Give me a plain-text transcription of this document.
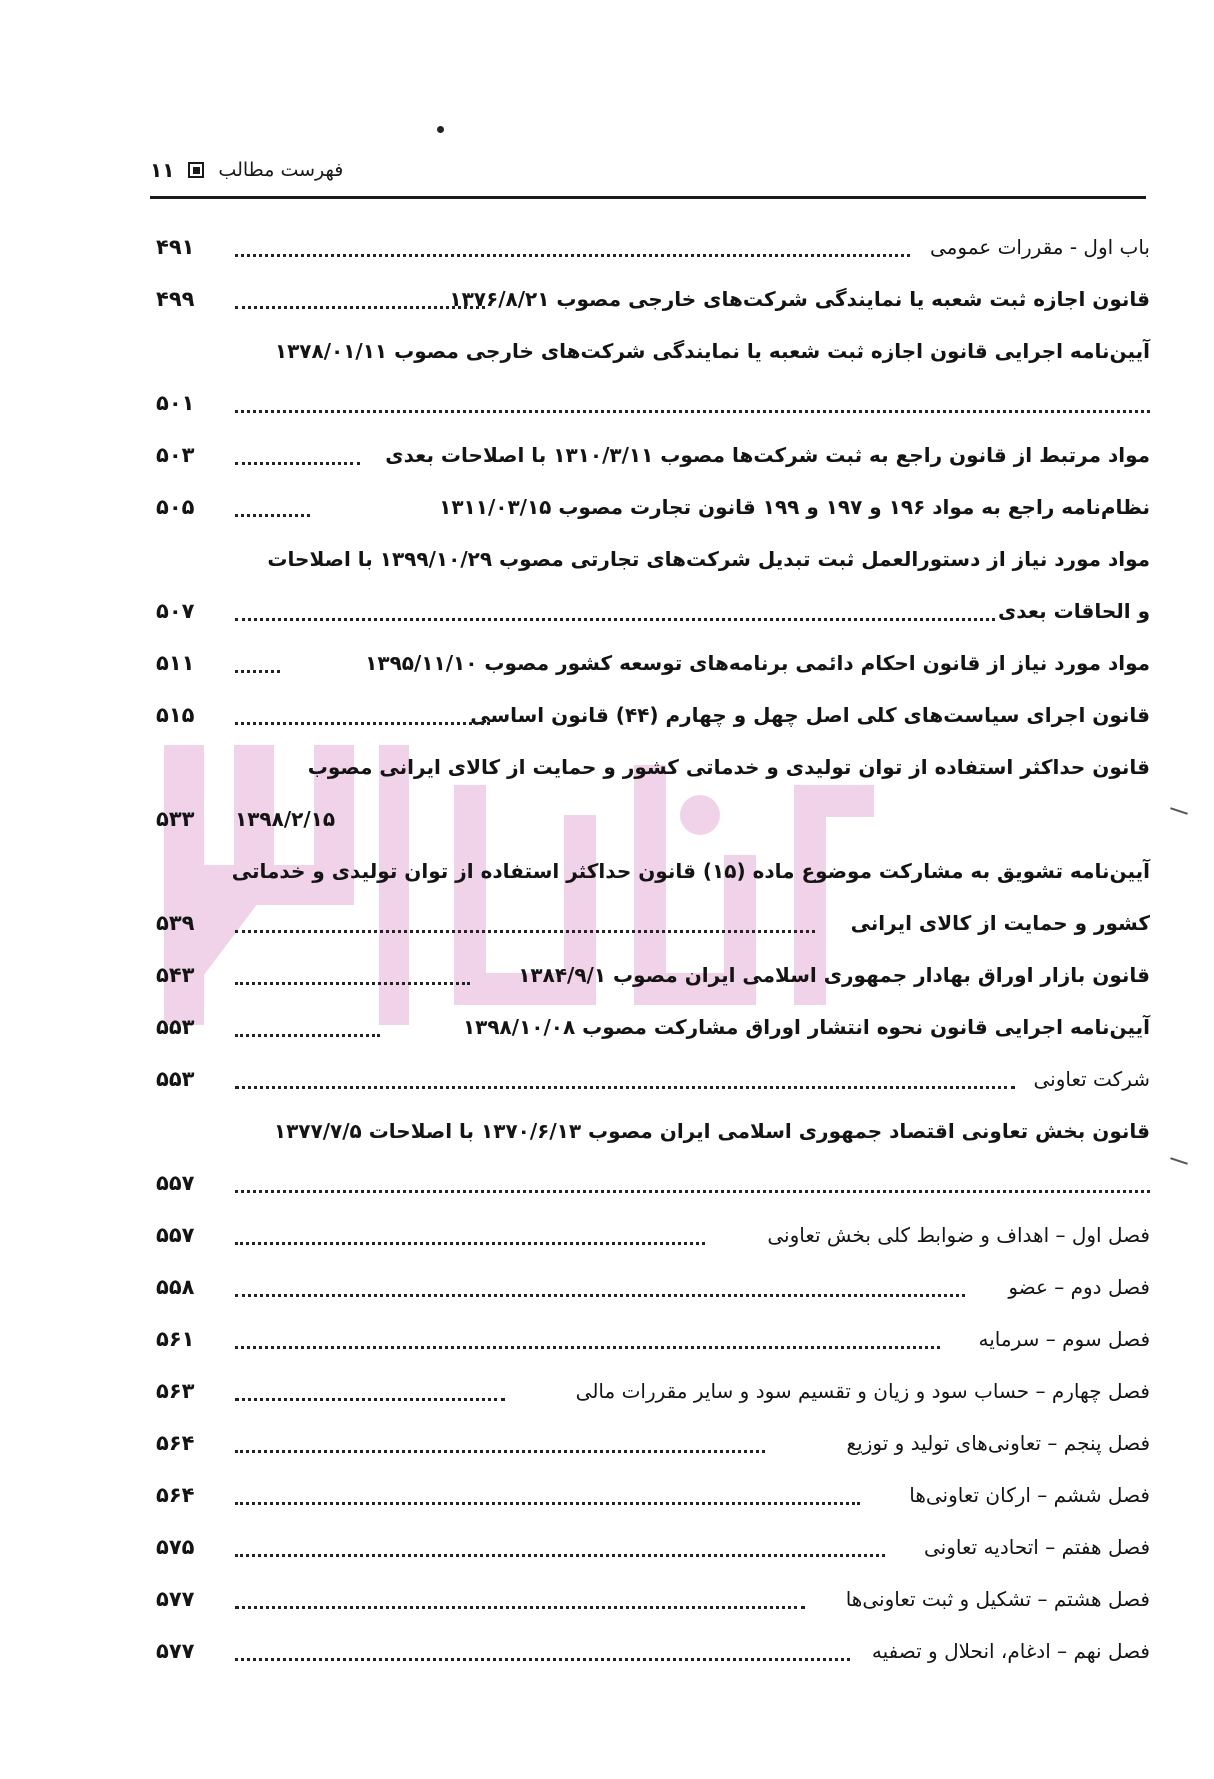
۱۱ فهرست مطالب
باب اول - مقررات عمومی
۴۹۱
قانون اجازه ثبت شعبه یا نمایندگی شرکت‌های خارجی مصوب ۱۳۷۶/۸/۲۱
۴۹۹
آیین‌نامه اجرایی قانون اجازه ثبت شعبه یا نمایندگی شرکت‌های خارجی مصوب ۱۳۷۸/۰۱/۱۱
۵۰۱
مواد مرتبط از قانون راجع به ثبت شرکت‌ها مصوب ۱۳۱۰/۳/۱۱ با اصلاحات بعدی
۵۰۳
نظام‌نامه راجع به مواد ۱۹۶ و ۱۹۷ و ۱۹۹ قانون تجارت مصوب ۱۳۱۱/۰۳/۱۵
۵۰۵
مواد مورد نیاز از دستورالعمل ثبت تبدیل شرکت‌های تجارتی مصوب ۱۳۹۹/۱۰/۲۹ با اصلاحات
و الحاقات بعدی
۵۰۷
مواد مورد نیاز از قانون احکام دائمی برنامه‌های توسعه کشور مصوب ۱۳۹۵/۱۱/۱۰
۵۱۱
قانون اجرای سیاست‌های کلی اصل چهل و چهارم (۴۴) قانون اساسی
۵۱۵
قانون حداکثر استفاده از توان تولیدی و خدماتی کشور و حمایت از کالای ایرانی مصوب
۱۳۹۸/۲/۱۵
۵۳۳
آیین‌نامه تشویق به مشارکت موضوع ماده (۱۵) قانون حداکثر استفاده از توان تولیدی و خدماتی
کشور و حمایت از کالای ایرانی
۵۳۹
قانون بازار اوراق بهادار جمهوری اسلامی ایران مصوب ۱۳۸۴/۹/۱
۵۴۳
آیین‌نامه اجرایی قانون نحوه انتشار اوراق مشارکت مصوب ۱۳۹۸/۱۰/۰۸
۵۵۳
شرکت تعاونی
۵۵۳
قانون بخش تعاونی اقتصاد جمهوری اسلامی ایران مصوب ۱۳۷۰/۶/۱۳ با اصلاحات ۱۳۷۷/۷/۵
۵۵۷
فصل اول – اهداف و ضوابط کلی بخش تعاونی
۵۵۷
فصل دوم – عضو
۵۵۸
فصل سوم – سرمایه
۵۶۱
فصل چهارم – حساب سود و زیان و تقسیم سود و سایر مقررات مالی
۵۶۳
فصل پنجم – تعاونی‌های تولید و توزیع
۵۶۴
فصل ششم – ارکان تعاونی‌ها
۵۶۴
فصل هفتم – اتحادیه تعاونی
۵۷۵
فصل هشتم – تشکیل و ثبت تعاونی‌ها
۵۷۷
فصل نهم – ادغام، انحلال و تصفیه
۵۷۷
